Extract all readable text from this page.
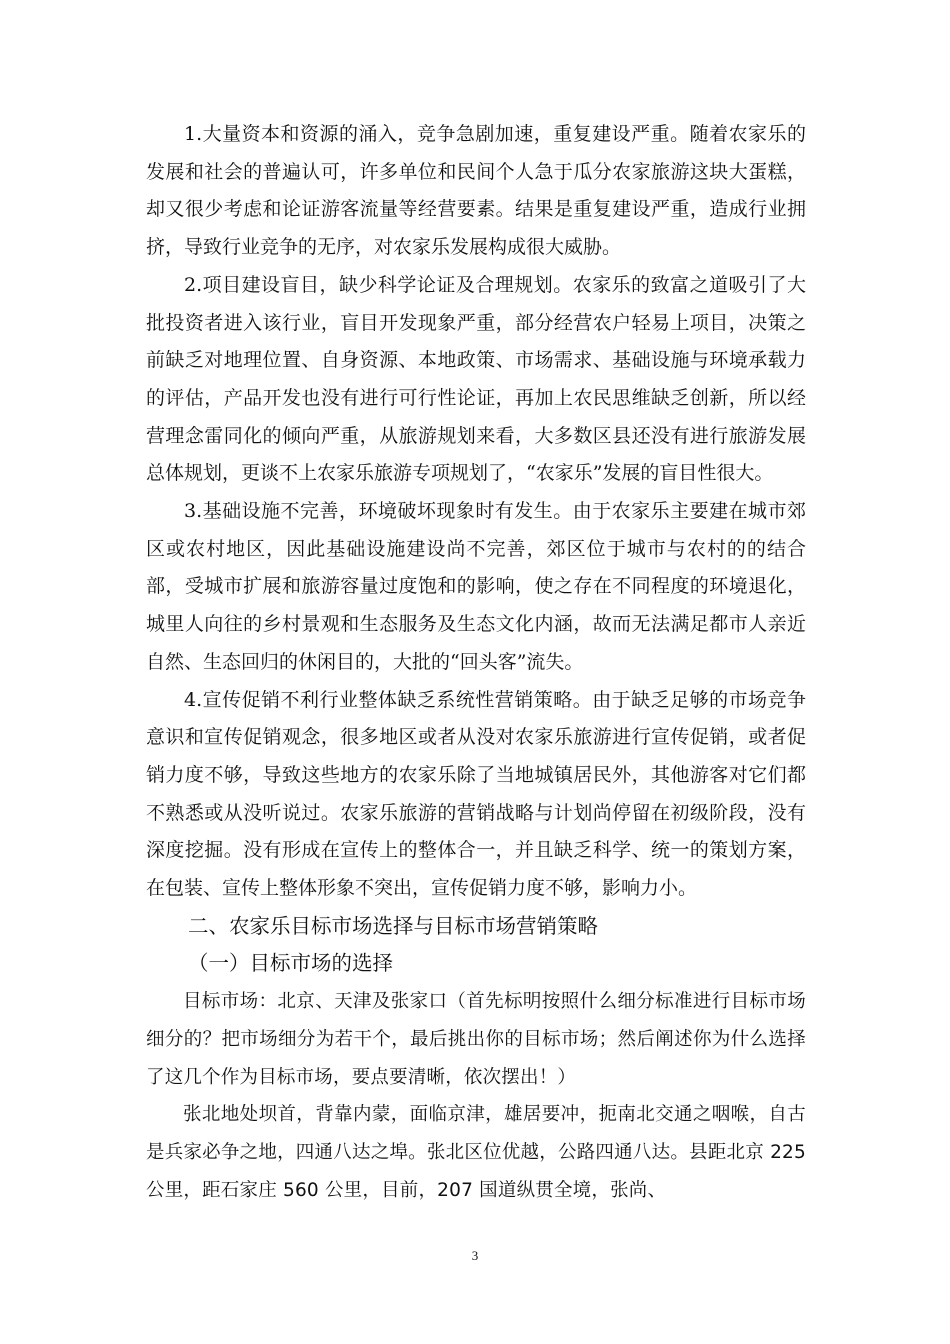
1.大量资本和资源的涌入，竞争急剧加速，重复建设严重。随着农家乐的发展和社会的普遍认可，许多单位和民间个人急于瓜分农家旅游这块大蛋糕，却又很少考虑和论证游客流量等经营要素。结果是重复建设严重，造成行业拥挤，导致行业竞争的无序，对农家乐发展构成很大威胁。

2.项目建设盲目，缺少科学论证及合理规划。农家乐的致富之道吸引了大批投资者进入该行业，盲目开发现象严重，部分经营农户轻易上项目，决策之前缺乏对地理位置、自身资源、本地政策、市场需求、基础设施与环境承载力的评估，产品开发也没有进行可行性论证，再加上农民思维缺乏创新，所以经营理念雷同化的倾向严重，从旅游规划来看，大多数区县还没有进行旅游发展总体规划，更谈不上农家乐旅游专项规划了，“农家乐”发展的盲目性很大。

3.基础设施不完善，环境破坏现象时有发生。由于农家乐主要建在城市郊区或农村地区，因此基础设施建设尚不完善，郊区位于城市与农村的的结合部，受城市扩展和旅游容量过度饱和的影响，使之存在不同程度的环境退化，城里人向往的乡村景观和生态服务及生态文化内涵，故而无法满足都市人亲近自然、生态回归的休闲目的，大批的“回头客”流失。

4.宣传促销不利行业整体缺乏系统性营销策略。由于缺乏足够的市场竞争意识和宣传促销观念，很多地区或者从没对农家乐旅游进行宣传促销，或者促销力度不够，导致这些地方的农家乐除了当地城镇居民外，其他游客对它们都不熟悉或从没听说过。农家乐旅游的营销战略与计划尚停留在初级阶段，没有深度挖掘。没有形成在宣传上的整体合一，并且缺乏科学、统一的策划方案，在包装、宣传上整体形象不突出，宣传促销力度不够，影响力小。

二、农家乐目标市场选择与目标市场营销策略
（一）目标市场的选择

目标市场：北京、天津及张家口（首先标明按照什么细分标准进行目标市场细分的？把市场细分为若干个，最后挑出你的目标市场；然后阐述你为什么选择了这几个作为目标市场，要点要清晰，依次摆出！）

张北地处坝首，背靠内蒙，面临京津，雄居要冲，扼南北交通之咽喉，自古是兵家必争之地，四通八达之埠。张北区位优越，公路四通八达。县距北京 225 公里，距石家庄 560 公里，目前，207 国道纵贯全境，张尚、

3
